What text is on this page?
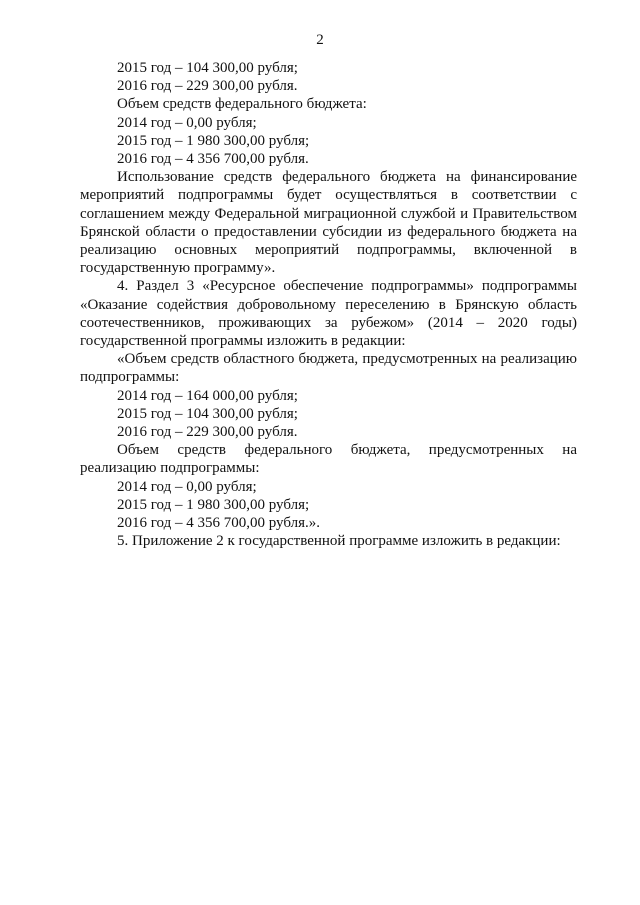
2

2015 год – 104 300,00 рубля;

2016 год – 229 300,00 рубля.

Объем средств федерального бюджета:

2014 год – 0,00 рубля;

2015 год – 1 980 300,00 рубля;

2016 год – 4 356 700,00 рубля.

Использование средств федерального бюджета на финансирование мероприятий подпрограммы будет осуществляться в соответствии с соглашением между Федеральной миграционной службой и Правительством Брянской области о предоставлении субсидии из федерального бюджета на реализацию основных мероприятий подпрограммы, включенной в государственную программу».

4. Раздел 3 «Ресурсное обеспечение подпрограммы» подпрограммы «Оказание содействия добровольному переселению в Брянскую область соотечественников, проживающих за рубежом» (2014 – 2020 годы) государственной программы изложить в редакции:

«Объем средств областного бюджета, предусмотренных на реализацию подпрограммы:

2014 год – 164 000,00 рубля;

2015 год – 104 300,00 рубля;

2016 год – 229 300,00 рубля.

Объем средств федерального бюджета, предусмотренных на реализацию подпрограммы:

2014 год – 0,00 рубля;

2015 год – 1 980 300,00 рубля;

2016 год – 4 356 700,00 рубля.».

5. Приложение 2 к государственной программе изложить в редакции:
